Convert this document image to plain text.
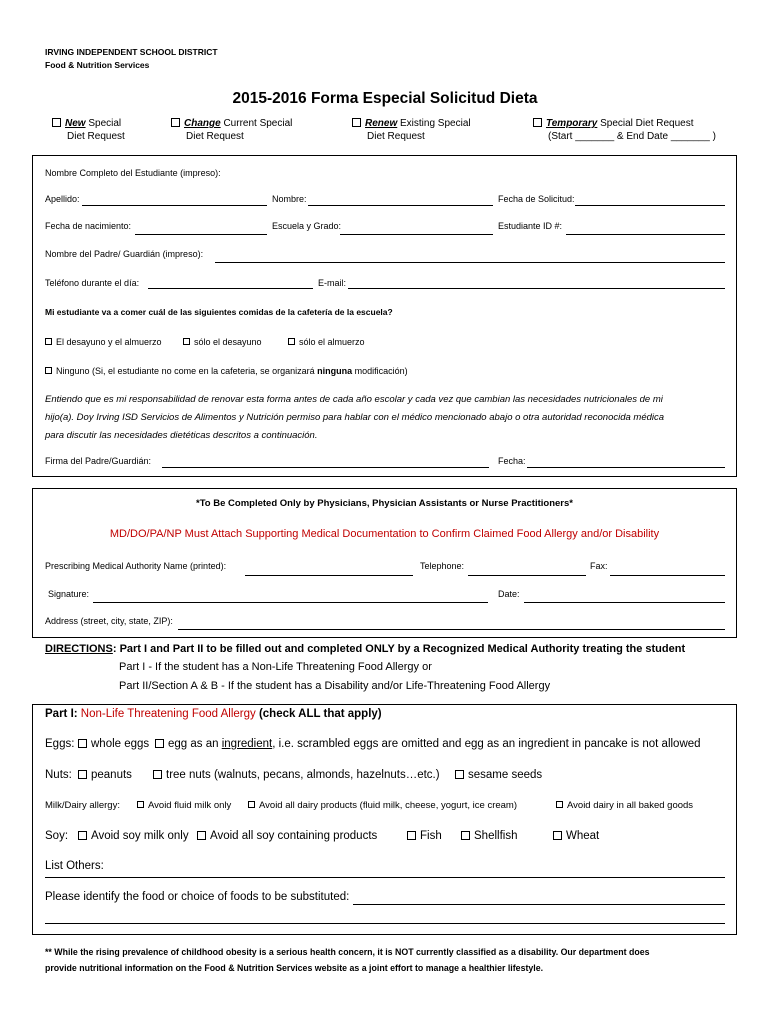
IRVING INDEPENDENT SCHOOL DISTRICT
Food & Nutrition Services
2015-2016 Forma Especial Solicitud Dieta
New Special
Diet Request
Change Current Special
Diet Request
Renew Existing Special
Diet Request
Temporary Special Diet Request
(Start _______ & End Date _______ )
Nombre Completo del Estudiante (impreso):
Apellido:	Nombre:	Fecha de Solicitud:
Fecha de nacimiento:	Escuela y Grado:	Estudiante ID #:
Nombre del Padre/ Guardián (impreso):
Teléfono durante el día:	E-mail:
Mi estudiante va a comer cuál de las siguientes comidas de la cafetería de la escuela?
El desayuno y el almuerzo	sólo el desayuno	sólo el almuerzo
Ninguno (Si, el estudiante no come en la cafeteria, se organizará ninguna modificación)
Entiendo que es mi responsabilidad de renovar esta forma antes de cada año escolar y cada vez que cambian las necesidades nutricionales de mi
hijo(a). Doy Irving ISD Servicios de Alimentos y Nutrición permiso para hablar con el médico mencionado abajo o otra autoridad reconocida médica
para discutir las necesidades dietéticas descritos a continuación.
Firma del Padre/Guardián:	Fecha:
*To Be Completed Only by Physicians, Physician Assistants or Nurse Practitioners*
MD/DO/PA/NP Must Attach Supporting Medical Documentation to Confirm Claimed Food Allergy and/or Disability
Prescribing Medical Authority Name (printed):	Telephone:	Fax:
Signature:	Date:
Address (street, city, state, ZIP):
DIRECTIONS: Part I and Part II to be filled out and completed ONLY by a Recognized Medical Authority treating the student
Part I - If the student has a Non-Life Threatening Food Allergy or
Part II/Section A & B - If the student has a Disability and/or Life-Threatening Food Allergy
Part I: Non-Life Threatening Food Allergy (check ALL that apply)
Eggs:	whole eggs	egg as an ingredient, i.e. scrambled eggs are omitted and egg as an ingredient in pancake is not allowed
Nuts:	peanuts	tree nuts (walnuts, pecans, almonds, hazelnuts…etc.)	sesame seeds
Milk/Dairy allergy:	Avoid fluid milk only	Avoid all dairy products (fluid milk, cheese, yogurt, ice cream)	Avoid dairy in all baked goods
Soy:	Avoid soy milk only	Avoid all soy containing products	Fish	Shellfish	Wheat
List Others:
Please identify the food or choice of foods to be substituted:
** While the rising prevalence of childhood obesity is a serious health concern, it is NOT currently classified as a disability. Our department does
provide nutritional information on the Food & Nutrition Services website as a joint effort to manage a healthier lifestyle.
